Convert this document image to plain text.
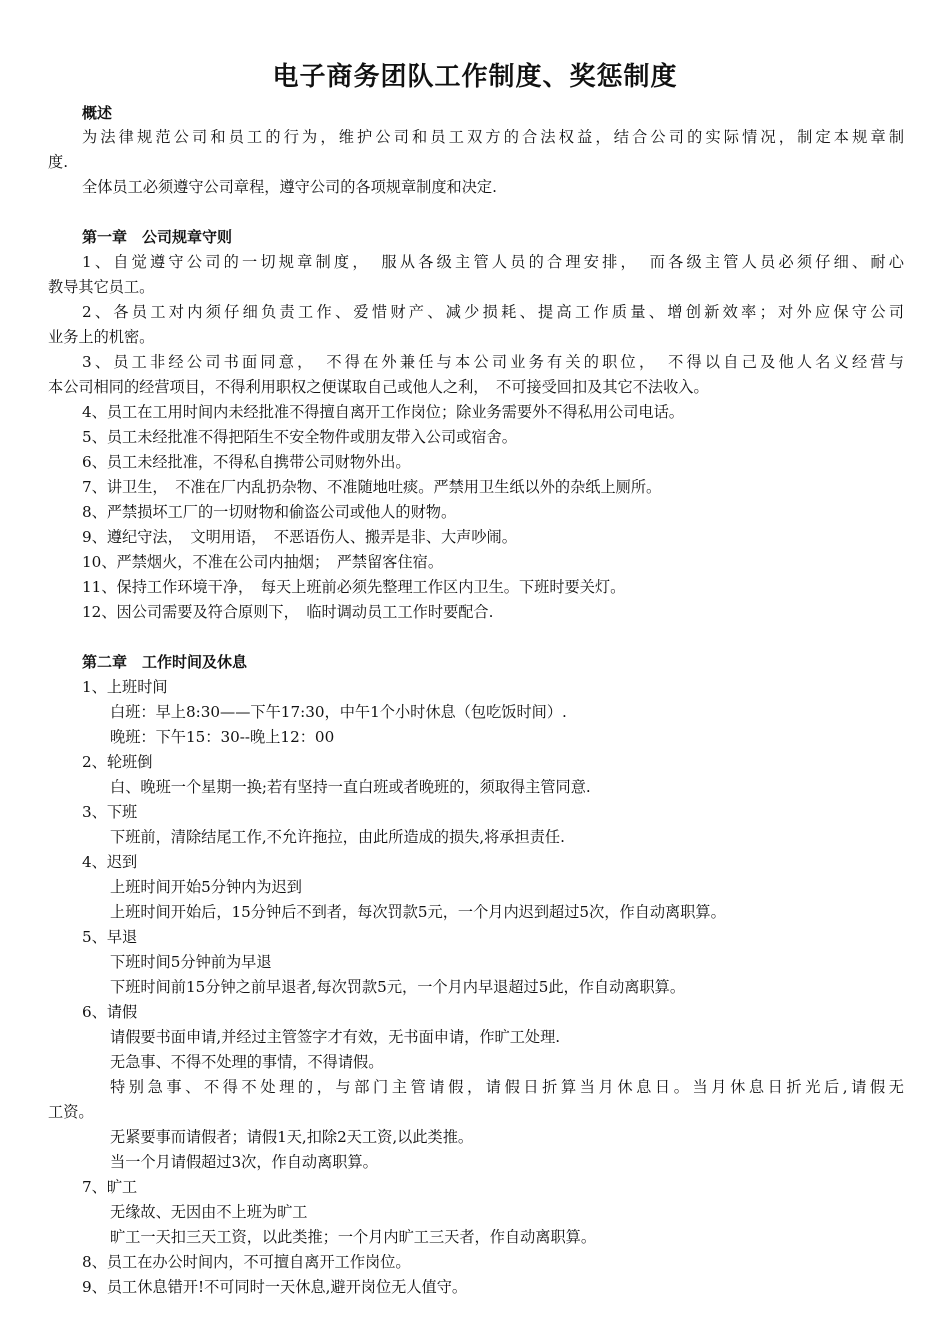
电子商务团队工作制度、奖惩制度
概述
为法律规范公司和员工的行为，维护公司和员工双方的合法权益，结合公司的实际情况，制定本规章制
度.
全体员工必须遵守公司章程，遵守公司的各项规章制度和决定.
第一章　公司规章守则
1、自觉遵守公司的一切规章制度，　服从各级主管人员的合理安排，　而各级主管人员必须仔细、耐心
教导其它员工。
2、各员工对内须仔细负责工作、爱惜财产、减少损耗、提高工作质量、增创新效率；对外应保守公司
业务上的机密。
3、员工非经公司书面同意，　不得在外兼任与本公司业务有关的职位，　不得以自己及他人名义经营与
本公司相同的经营项目，不得利用职权之便谋取自己或他人之利，　不可接受回扣及其它不法收入。
4、员工在工用时间内未经批准不得擅自离开工作岗位；除业务需要外不得私用公司电话。
5、员工未经批准不得把陌生不安全物件或朋友带入公司或宿舍。
6、员工未经批准，不得私自携带公司财物外出。
7、讲卫生，　不准在厂内乱扔杂物、不准随地吐痰。严禁用卫生纸以外的杂纸上厕所。
8、严禁损坏工厂的一切财物和偷盗公司或他人的财物。
9、遵纪守法，　文明用语，　不恶语伤人、搬弄是非、大声吵闹。
10、严禁烟火，不准在公司内抽烟；　严禁留客住宿。
11、保持工作环境干净，　每天上班前必须先整理工作区内卫生。下班时要关灯。
12、因公司需要及符合原则下，　临时调动员工工作时要配合.
第二章　工作时间及休息
1、上班时间
白班：早上8:30——下午17:30，中午1个小时休息（包吃饭时间）.
晚班：下午15：30--晚上12：00
2、轮班倒
白、晚班一个星期一换;若有坚持一直白班或者晚班的，须取得主管同意.
3、下班
下班前，清除结尾工作,不允许拖拉，由此所造成的损失,将承担责任.
4、迟到
上班时间开始5分钟内为迟到
上班时间开始后，15分钟后不到者，每次罚款5元，一个月内迟到超过5次，作自动离职算。
5、早退
下班时间5分钟前为早退
下班时间前15分钟之前早退者,每次罚款5元，一个月内早退超过5此，作自动离职算。
6、请假
请假要书面申请,并经过主管签字才有效，无书面申请，作旷工处理.
无急事、不得不处理的事情，不得请假。
特别急事、不得不处理的，与部门主管请假，请假日折算当月休息日。当月休息日折光后,请假无
工资。
无紧要事而请假者；请假1天,扣除2天工资,以此类推。
当一个月请假超过3次，作自动离职算。
7、旷工
无缘故、无因由不上班为旷工
旷工一天扣三天工资，以此类推；一个月内旷工三天者，作自动离职算。
8、员工在办公时间内，不可擅自离开工作岗位。
9、员工休息错开!不可同时一天休息,避开岗位无人值守。
